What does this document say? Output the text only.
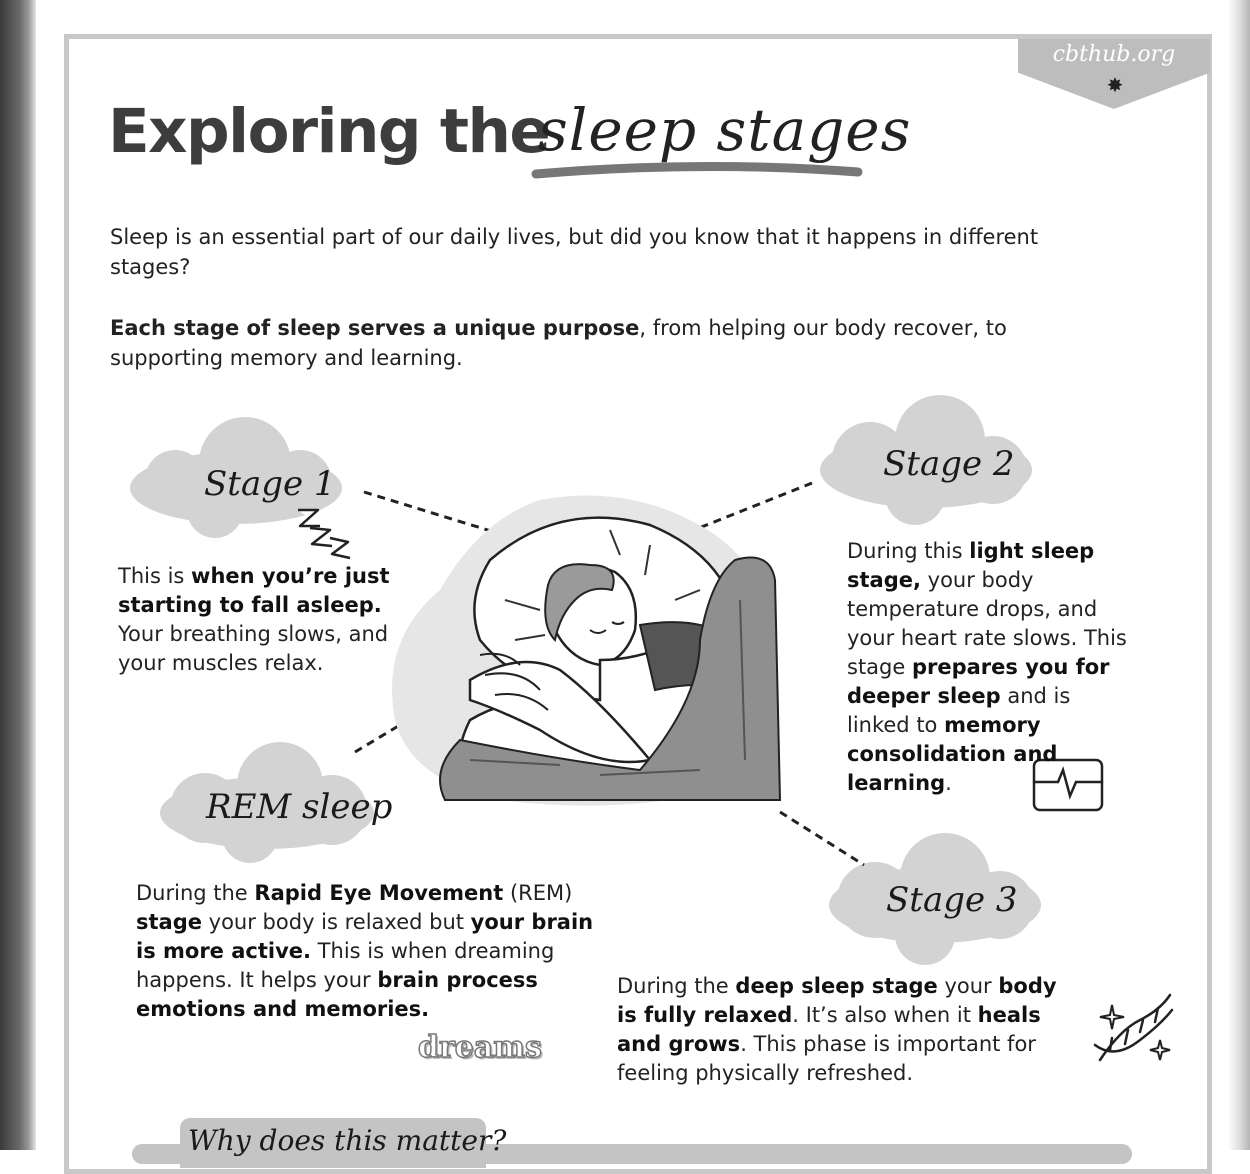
cbthub.org
✸
Exploring the
sleep stages

Sleep is an essential part of our daily lives, but did you know that it happens in different stages?

Each stage of sleep serves a unique purpose, from helping our body recover, to supporting memory and learning.

Stage 1	Stage 2
REM sleep
Stage 3

This is when you’re just starting to fall asleep. Your breathing slows, and your muscles relax.

During this light sleep stage, your body temperature drops, and your heart rate slows. This stage prepares you for deeper sleep and is linked to memory consolidation and learning.

During the Rapid Eye Movement (REM) stage your body is relaxed but your brain is more active. This is when dreaming happens. It helps your brain process emotions and memories.

During the deep sleep stage your body is fully relaxed. It’s also when it heals and grows. This phase is important for feeling physically refreshed.

dreams
Why does this matter?
